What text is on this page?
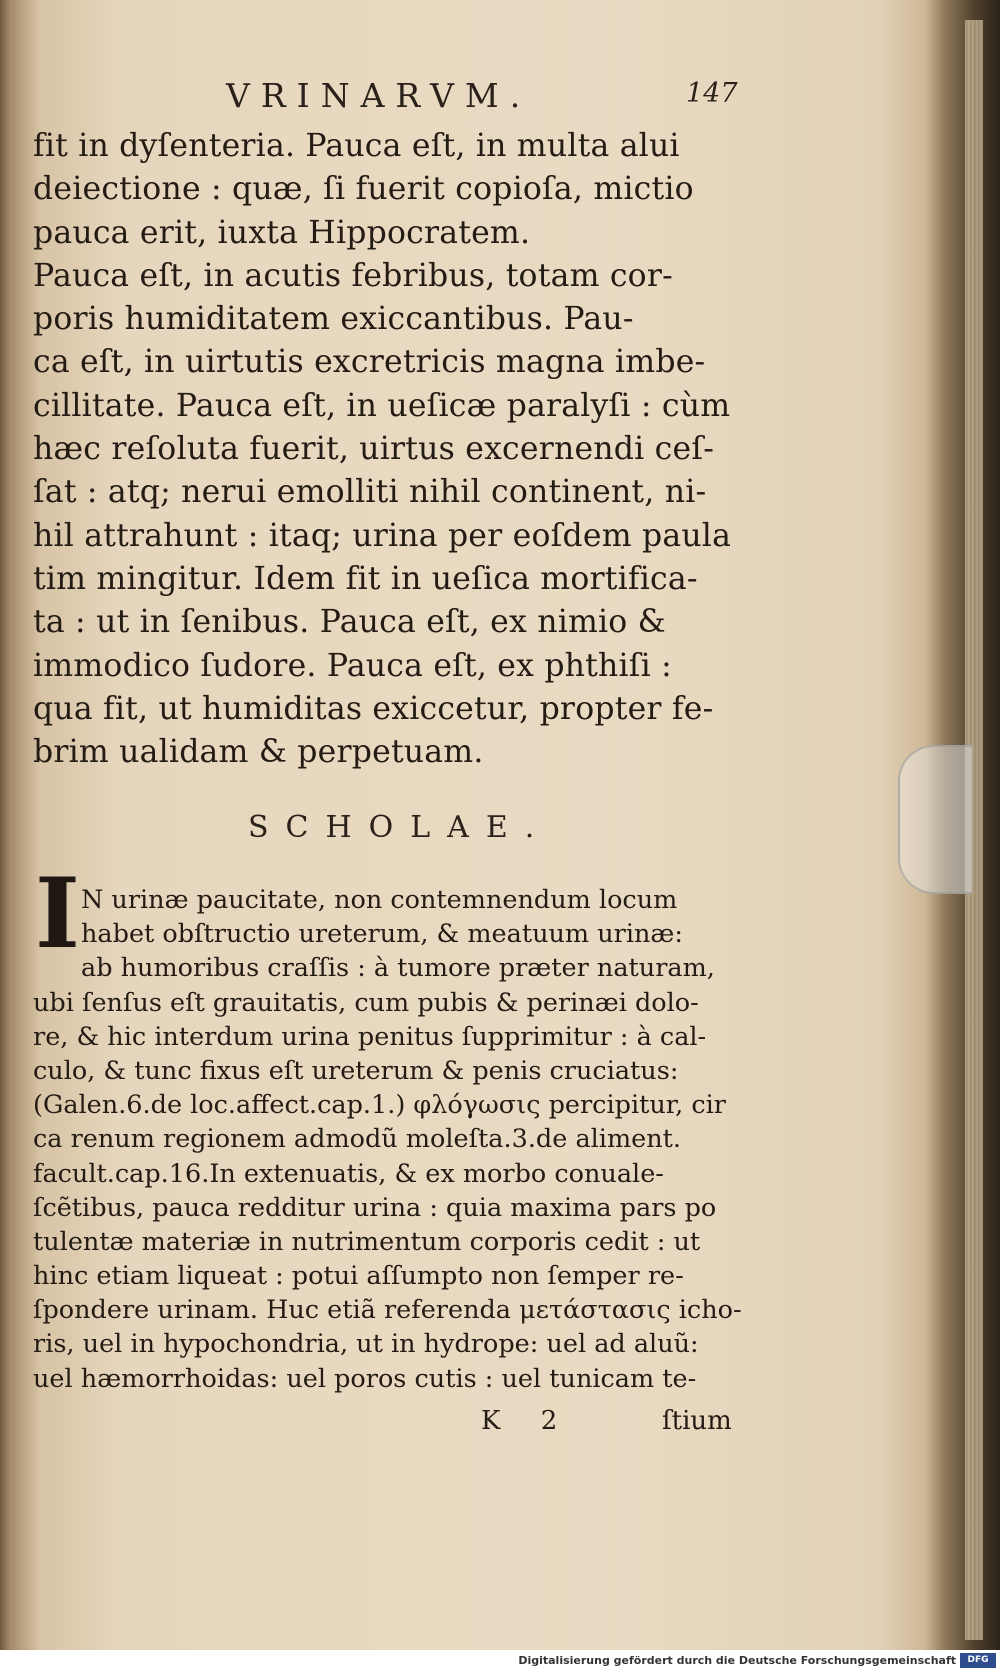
VRINARVM.	147
fit in dyſenteria. Pauca eſt, in multa alui
deiectione : quæ, ſi fuerit copioſa, mictio
pauca erit, iuxta Hippocratem.
Pauca eſt, in acutis febribus, totam cor-
poris humiditatem exiccantibus. Pau-
ca eſt, in uirtutis excretricis magna imbe-
cillitate. Pauca eſt, in ueſicæ paralyſi : cùm
hæc reſoluta fuerit, uirtus excernendi ceſ-
ſat : atq; nerui emolliti nihil continent, ni-
hil attrahunt : itaq; urina per eoſdem paula
tim mingitur. Idem fit in ueſica mortifica-
ta : ut in ſenibus. Pauca eſt, ex nimio &
immodico ſudore. Pauca eſt, ex phthiſi :
qua fit, ut humiditas exiccetur, propter fe-
brim ualidam & perpetuam.
SCHOLAE.
I N urinæ paucitate, non contemnendum locum
habet obſtructio ureterum, & meatuum urinæ:
ab humoribus craſſis : à tumore præter naturam,
ubi ſenſus eſt grauitatis, cum pubis & perinæi dolo-
re, & hic interdum urina penitus ſupprimitur : à cal-
culo, & tunc fixus eſt ureterum & penis cruciatus:
(Galen.6.de loc.affect.cap.1.) φλόγωσις percipitur, cir
ca renum regionem admodũ moleſta.3.de aliment.
facult.cap.16.In extenuatis, & ex morbo conuale-
ſcẽtibus, pauca redditur urina : quia maxima pars po
tulentæ materiæ in nutrimentum corporis cedit : ut
hinc etiam liqueat : potui aſſumpto non ſemper re-
ſpondere urinam. Huc etiã referenda μετάστασις icho-
ris, uel in hypochondria, ut in hydrope: uel ad aluũ:
uel hæmorrhoidas: uel poros cutis : uel tunicam te-
K 2	ſtium
Digitalisierung gefördert durch die Deutsche Forschungsgemeinschaft	DFG
